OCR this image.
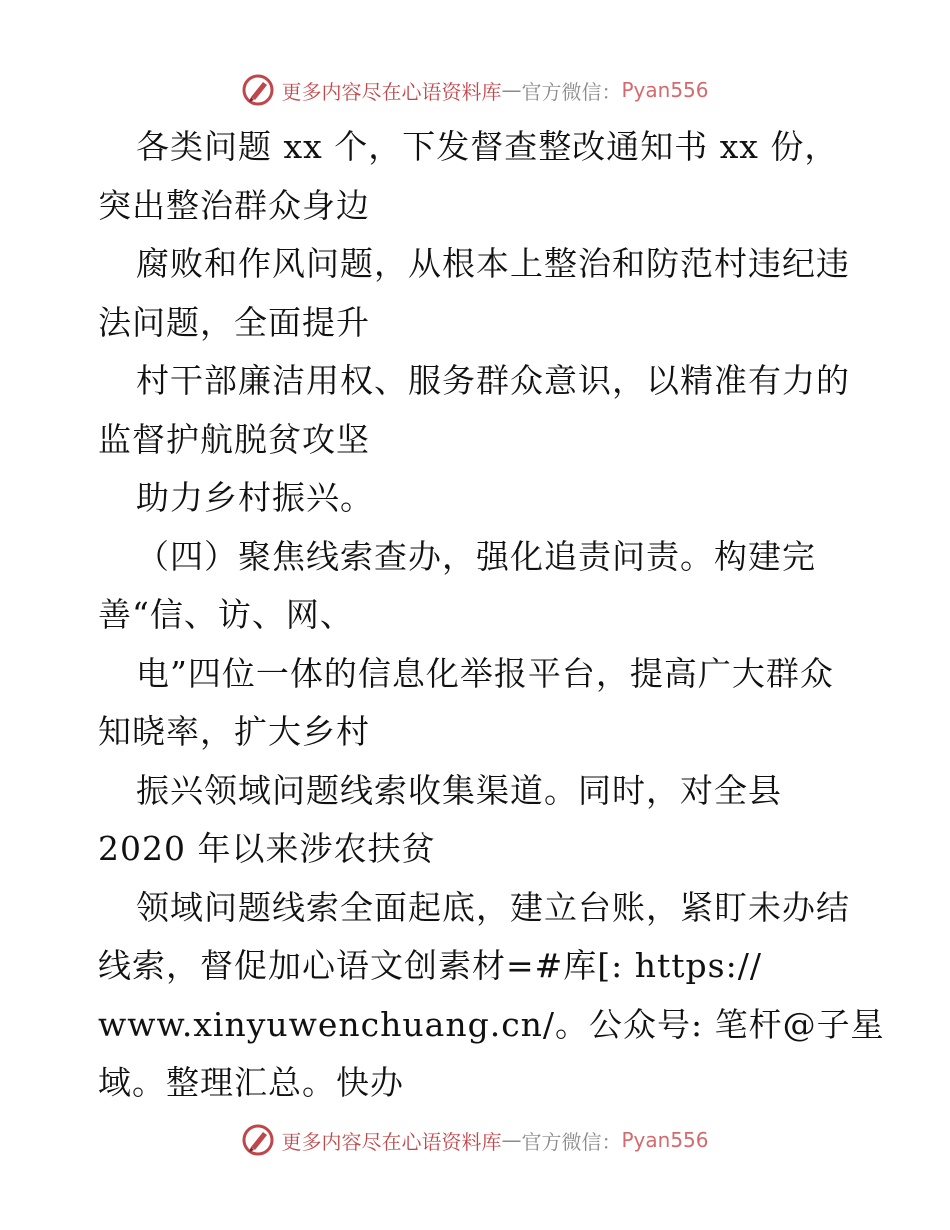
更多内容尽在心语资料库 — 官方微信： Pyan556
各类问题 xx 个，下发督查整改通知书 xx 份，
突出整治群众身边
腐败和作风问题，从根本上整治和防范村违纪违
法问题，全面提升
村干部廉洁用权、服务群众意识，以精准有力的
监督护航脱贫攻坚
助力乡村振兴。
（四）聚焦线索查办，强化追责问责。构建完
善“信、访、网、
电”四位一体的信息化举报平台，提高广大群众
知晓率，扩大乡村
振兴领域问题线索收集渠道。同时，对全县
2020 年以来涉农扶贫
领域问题线索全面起底，建立台账，紧盯未办结
线索，督促加心语文创素材=#库[: https://
www.xinyuwenchuang.cn/。公众号: 笔杆@子星
域。整理汇总。快办
更多内容尽在心语资料库 — 官方微信： Pyan556
